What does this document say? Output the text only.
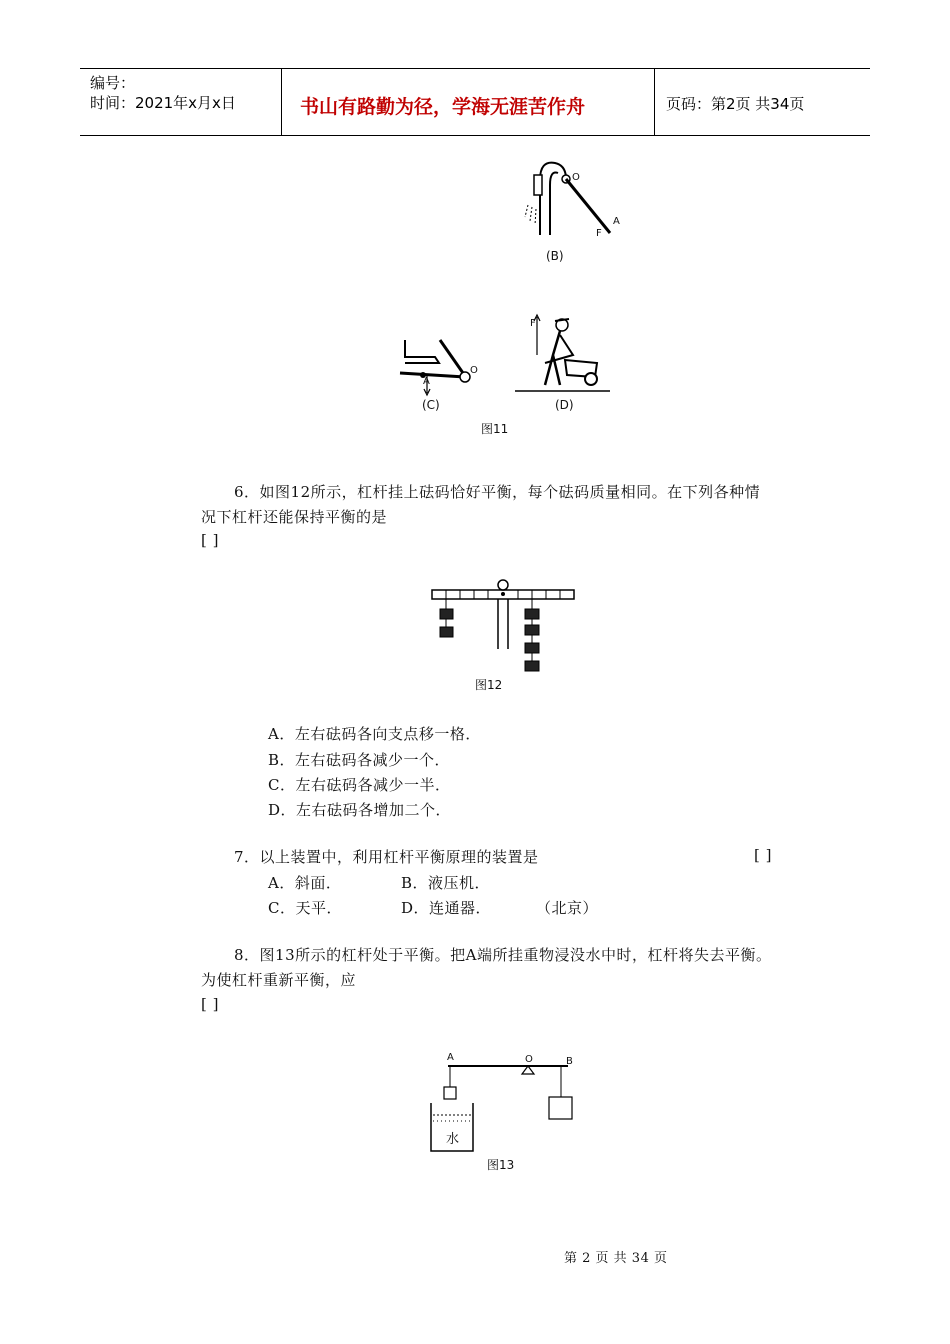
编号：
时间：2021年x月x日	书山有路勤为径，学海无涯苦作舟	页码：第2页 共34页
O
A
F
(B)
O
A
(C)
F
(D)
图11
6．如图12所示，杠杆挂上砝码恰好平衡，每个砝码质量相同。在下列各种情
况下杠杆还能保持平衡的是
[ ]
图12
A．左右砝码各向支点移一格．
B．左右砝码各减少一个．
C．左右砝码各减少一半．
D．左右砝码各增加二个．
7．以上装置中，利用杠杆平衡原理的装置是	[ ]
A．斜面．	B．液压机．
C．天平．	D．连通器．	（北京）
8．图13所示的杠杆处于平衡。把A端所挂重物浸没水中时，杠杆将失去平衡。
为使杠杆重新平衡，应
[ ]
A	O	B
水
图13
第 2 页 共 34 页
